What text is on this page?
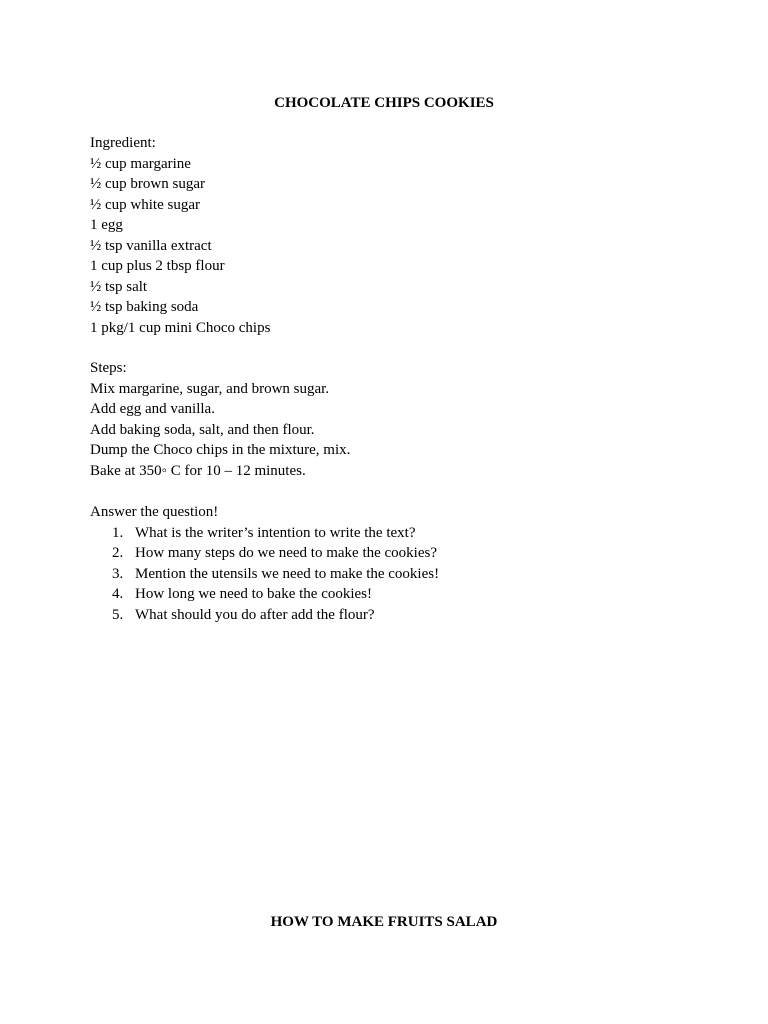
CHOCOLATE CHIPS COOKIES

Ingredient:

½ cup margarine

½ cup brown sugar

½ cup white sugar

1 egg

½ tsp vanilla extract

1 cup plus 2 tbsp flour

½ tsp salt

½ tsp baking soda

1 pkg/1 cup mini Choco chips

Steps:

Mix margarine, sugar, and brown sugar.

Add egg and vanilla.

Add baking soda, salt, and then flour.

Dump the Choco chips in the mixture, mix.

Bake at 350◦ C for 10 – 12 minutes.

Answer the question!

1. What is the writer’s intention to write the text?
2. How many steps do we need to make the cookies?
3. Mention the utensils we need to make the cookies!
4. How long we need to bake the cookies!
5. What should you do after add the flour?
HOW TO MAKE FRUITS SALAD
